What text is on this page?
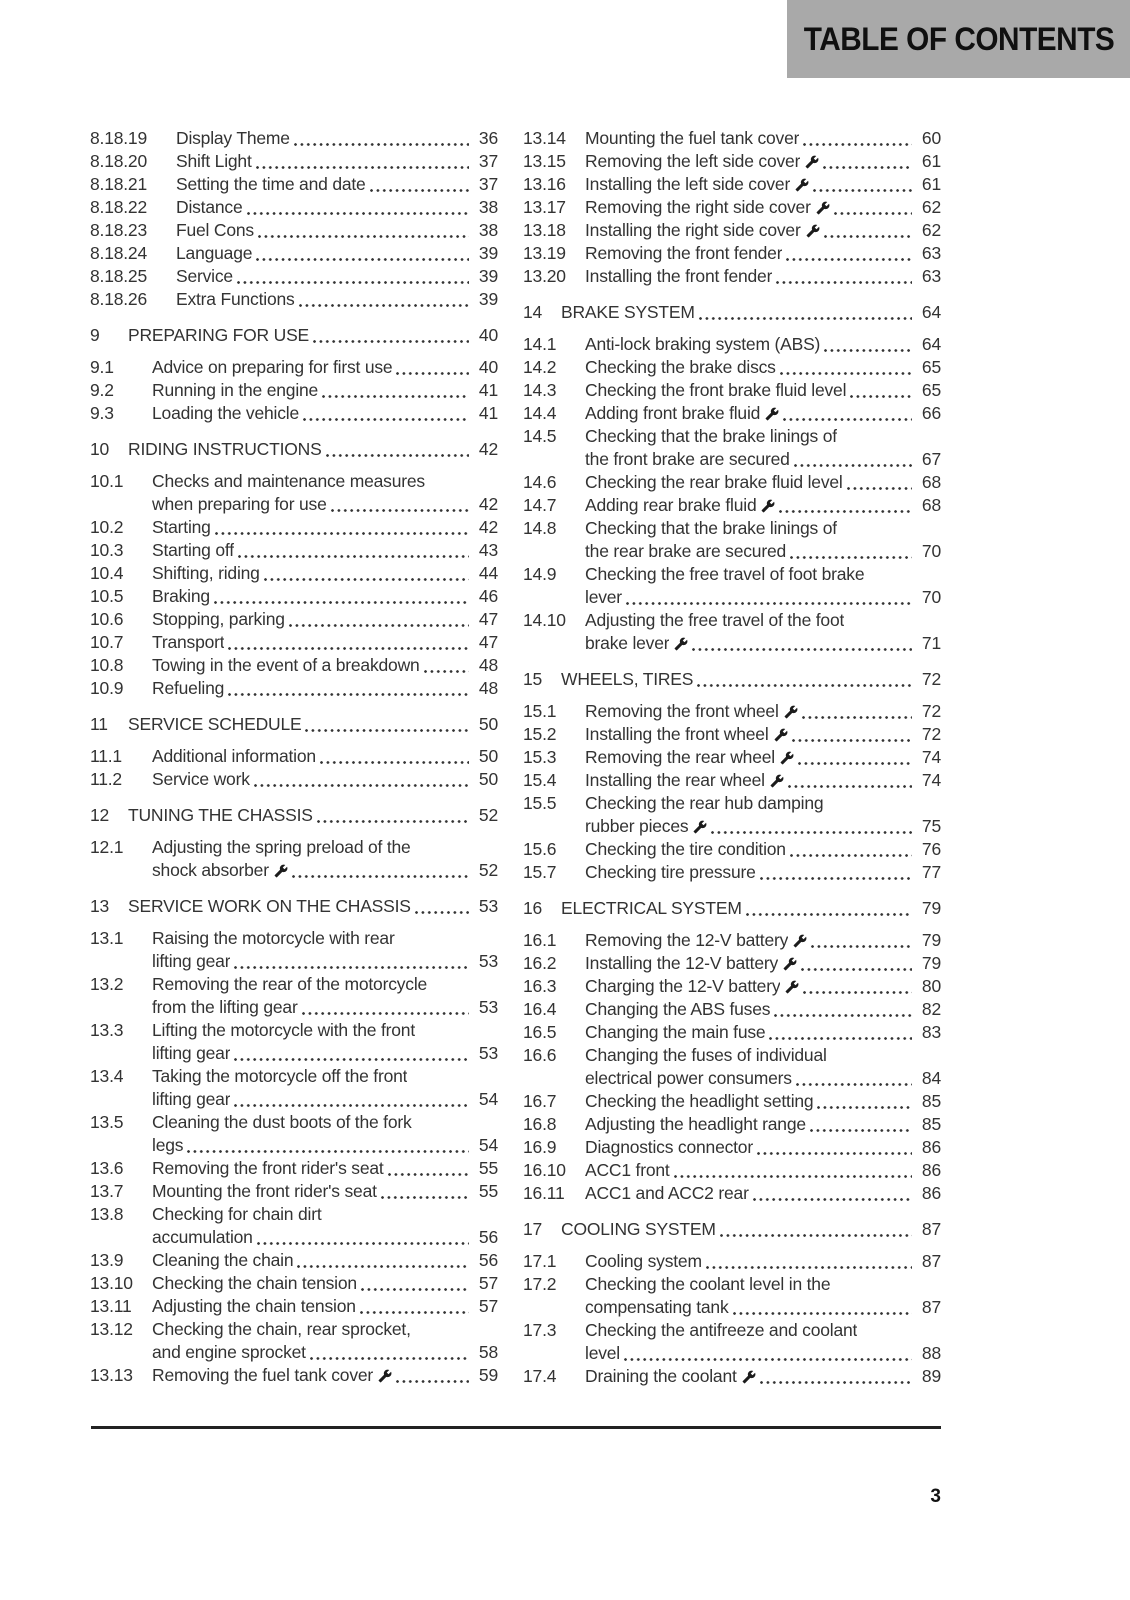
TABLE OF CONTENTS
8.18.19	Display Theme	36
8.18.20	Shift Light	37
8.18.21	Setting the time and date	37
8.18.22	Distance	38
8.18.23	Fuel Cons	38
8.18.24	Language	39
8.18.25	Service	39
8.18.26	Extra Functions	39
9	PREPARING FOR USE	40
9.1	Advice on preparing for first use	40
9.2	Running in the engine	41
9.3	Loading the vehicle	41
10	RIDING INSTRUCTIONS	42
10.1	Checks and maintenance measures
when preparing for use	42
10.2	Starting	42
10.3	Starting off	43
10.4	Shifting, riding	44
10.5	Braking	46
10.6	Stopping, parking	47
10.7	Transport	47
10.8	Towing in the event of a breakdown	48
10.9	Refueling	48
11	SERVICE SCHEDULE	50
11.1	Additional information	50
11.2	Service work	50
12	TUNING THE CHASSIS	52
12.1	Adjusting the spring preload of the
shock absorber	52
13	SERVICE WORK ON THE CHASSIS	53
13.1	Raising the motorcycle with rear
lifting gear	53
13.2	Removing the rear of the motorcycle
from the lifting gear	53
13.3	Lifting the motorcycle with the front
lifting gear	53
13.4	Taking the motorcycle off the front
lifting gear	54
13.5	Cleaning the dust boots of the fork
legs	54
13.6	Removing the front rider's seat	55
13.7	Mounting the front rider's seat	55
13.8	Checking for chain dirt
accumulation	56
13.9	Cleaning the chain	56
13.10	Checking the chain tension	57
13.11	Adjusting the chain tension	57
13.12	Checking the chain, rear sprocket,
and engine sprocket	58
13.13	Removing the fuel tank cover	59
13.14	Mounting the fuel tank cover	60
13.15	Removing the left side cover	61
13.16	Installing the left side cover	61
13.17	Removing the right side cover	62
13.18	Installing the right side cover	62
13.19	Removing the front fender	63
13.20	Installing the front fender	63
14	BRAKE SYSTEM	64
14.1	Anti-lock braking system (ABS)	64
14.2	Checking the brake discs	65
14.3	Checking the front brake fluid level	65
14.4	Adding front brake fluid	66
14.5	Checking that the brake linings of
the front brake are secured	67
14.6	Checking the rear brake fluid level	68
14.7	Adding rear brake fluid	68
14.8	Checking that the brake linings of
the rear brake are secured	70
14.9	Checking the free travel of foot brake
lever	70
14.10	Adjusting the free travel of the foot
brake lever	71
15	WHEELS, TIRES	72
15.1	Removing the front wheel	72
15.2	Installing the front wheel	72
15.3	Removing the rear wheel	74
15.4	Installing the rear wheel	74
15.5	Checking the rear hub damping
rubber pieces	75
15.6	Checking the tire condition	76
15.7	Checking tire pressure	77
16	ELECTRICAL SYSTEM	79
16.1	Removing the 12-V battery	79
16.2	Installing the 12-V battery	79
16.3	Charging the 12-V battery	80
16.4	Changing the ABS fuses	82
16.5	Changing the main fuse	83
16.6	Changing the fuses of individual
electrical power consumers	84
16.7	Checking the headlight setting	85
16.8	Adjusting the headlight range	85
16.9	Diagnostics connector	86
16.10	ACC1 front	86
16.11	ACC1 and ACC2 rear	86
17	COOLING SYSTEM	87
17.1	Cooling system	87
17.2	Checking the coolant level in the
compensating tank	87
17.3	Checking the antifreeze and coolant
level	88
17.4	Draining the coolant	89
3
